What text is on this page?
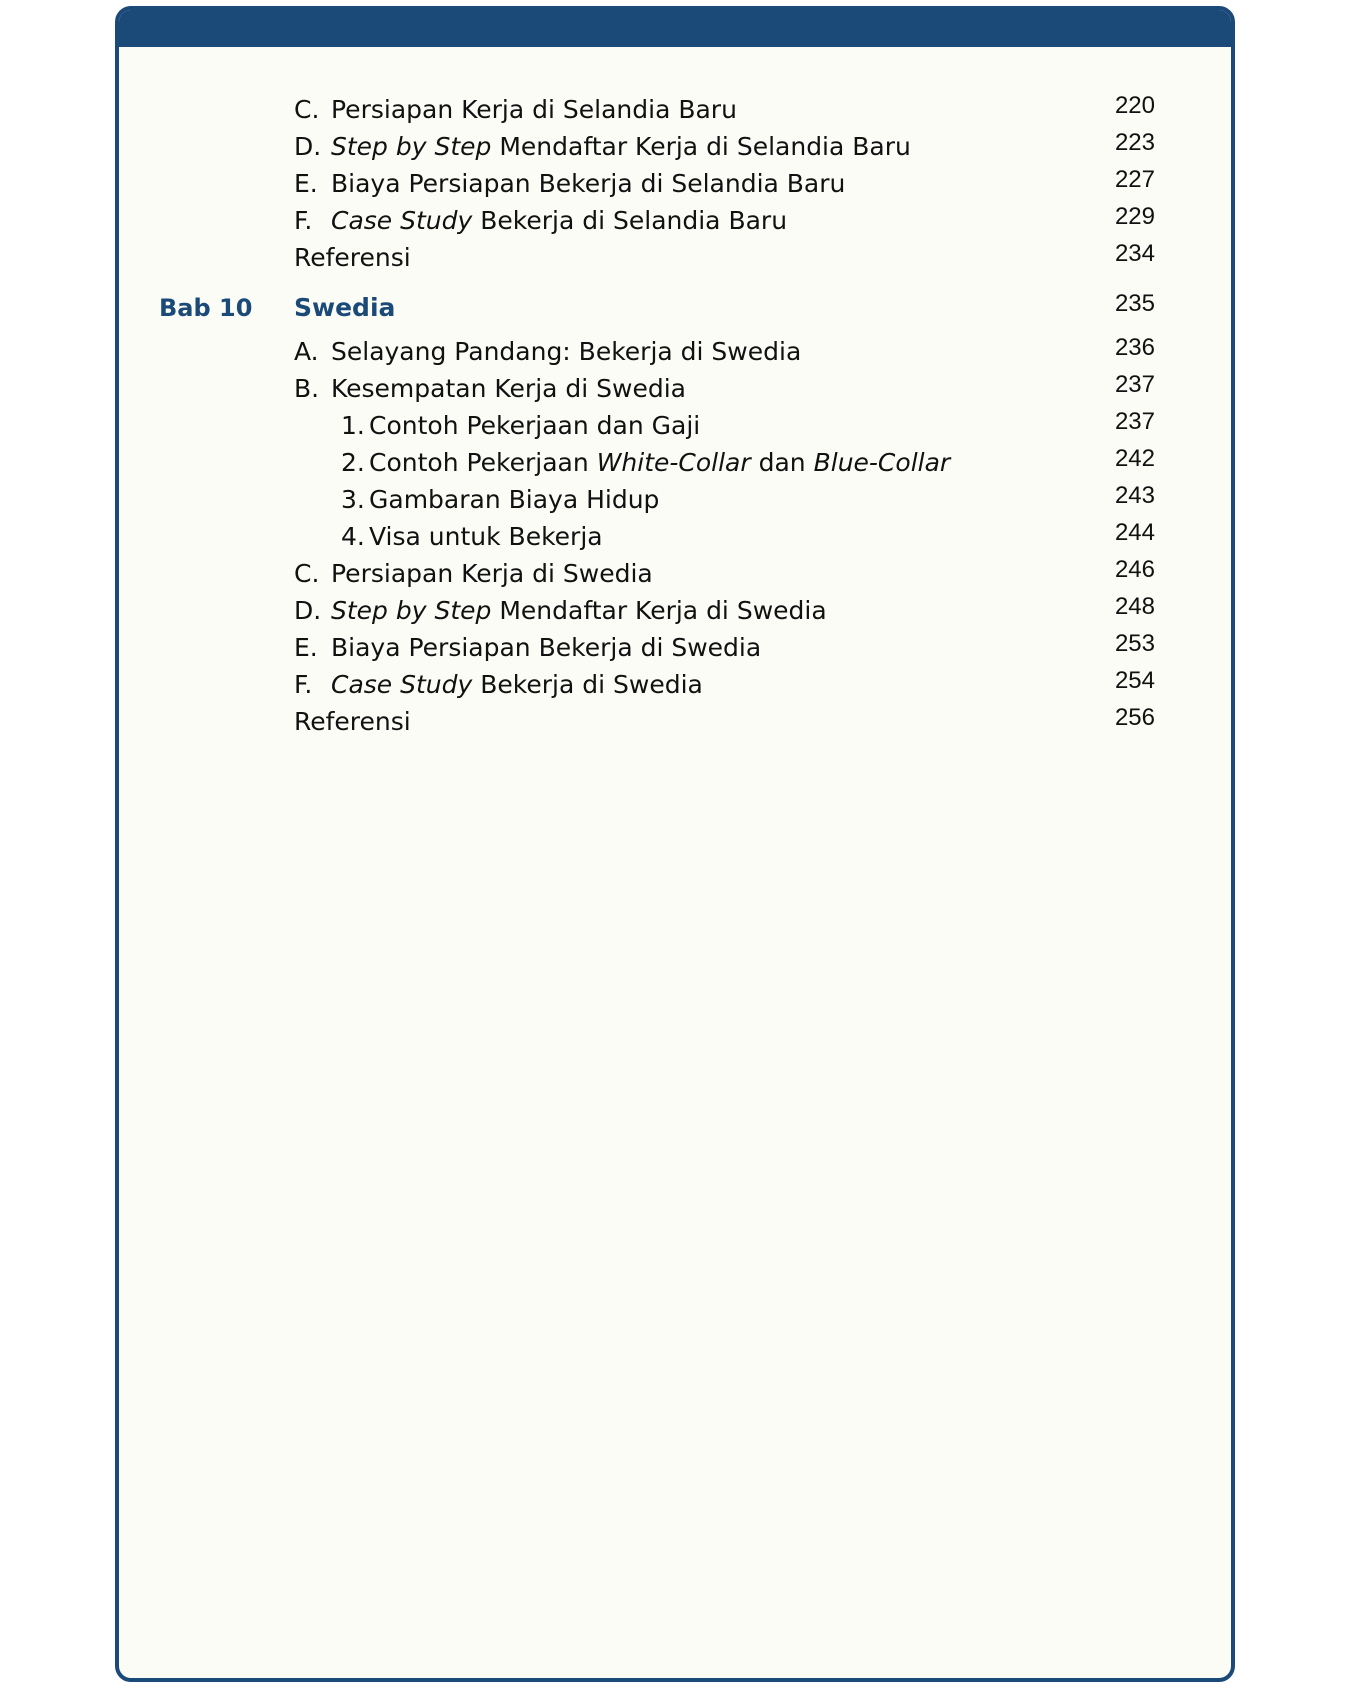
C. Persiapan Kerja di Selandia Baru	220
D. Step by Step Mendaftar Kerja di Selandia Baru	223
E. Biaya Persiapan Bekerja di Selandia Baru	227
F. Case Study Bekerja di Selandia Baru	229
Referensi	234
Bab 10 Swedia	235
A. Selayang Pandang: Bekerja di Swedia	236
B. Kesempatan Kerja di Swedia	237
1. Contoh Pekerjaan dan Gaji	237
2. Contoh Pekerjaan White-Collar dan Blue-Collar	242
3. Gambaran Biaya Hidup	243
4. Visa untuk Bekerja	244
C. Persiapan Kerja di Swedia	246
D. Step by Step Mendaftar Kerja di Swedia	248
E. Biaya Persiapan Bekerja di Swedia	253
F. Case Study Bekerja di Swedia	254
Referensi	256
